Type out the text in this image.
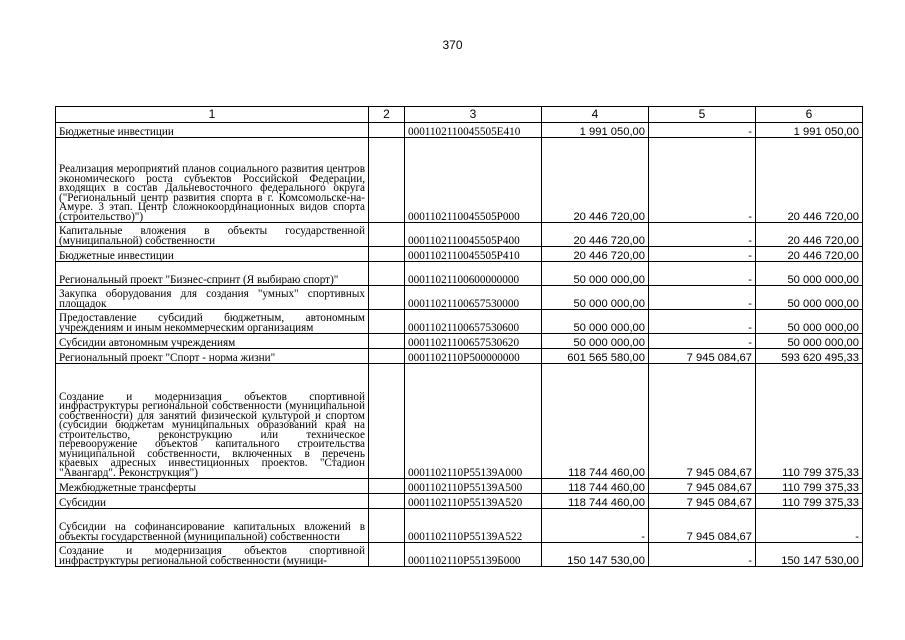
370
1	2	3	4	5	6
Бюджетные инвестиции		0001102110045505Е410	1 991 050,00	-	1 991 050,00
Реализация мероприятий планов социального развития центров экономического роста субъектов Российской Федерации, входящих в состав Дальневосточного федерального округа ("Региональный центр развития спорта в г. Комсомольске-на-Амуре. 3 этап. Центр сложнокоординационных видов спорта (строительство)")		0001102110045505Р000	20 446 720,00	-	20 446 720,00
Капитальные вложения в объекты государственной (муниципальной) собственности		0001102110045505Р400	20 446 720,00	-	20 446 720,00
Бюджетные инвестиции		0001102110045505Р410	20 446 720,00	-	20 446 720,00
Региональный проект "Бизнес-спринт (Я выбираю спорт)"		00011021100600000000	50 000 000,00	-	50 000 000,00
Закупка оборудования для создания "умных" спортивных площадок		00011021100657530000	50 000 000,00	-	50 000 000,00
Предоставление субсидий бюджетным, автономным учреждениям и иным некоммерческим организациям		00011021100657530600	50 000 000,00	-	50 000 000,00
Субсидии автономным учреждениям		00011021100657530620	50 000 000,00	-	50 000 000,00
Региональный проект "Спорт - норма жизни"		0001102110Р500000000	601 565 580,00	7 945 084,67	593 620 495,33
Создание и модернизация объектов спортивной инфраструктуры региональной собственности (муниципальной собственности) для занятий физической культурой и спортом (субсидии бюджетам муниципальных образований края на строительство, реконструкцию или техническое перевооружение объектов капитального строительства муниципальной собственности, включенных в перечень краевых адресных инвестиционных проектов. "Стадион "Авангард". Реконструкция")		0001102110Р55139А000	118 744 460,00	7 945 084,67	110 799 375,33
Межбюджетные трансферты		0001102110Р55139А500	118 744 460,00	7 945 084,67	110 799 375,33
Субсидии		0001102110Р55139А520	118 744 460,00	7 945 084,67	110 799 375,33
Субсидии на софинансирование капитальных вложений в объекты государственной (муниципальной) собственности		0001102110Р55139А522	-	7 945 084,67	-
Создание и модернизация объектов спортивной инфраструктуры региональной собственности (муници-		0001102110Р55139Б000	150 147 530,00	-	150 147 530,00
